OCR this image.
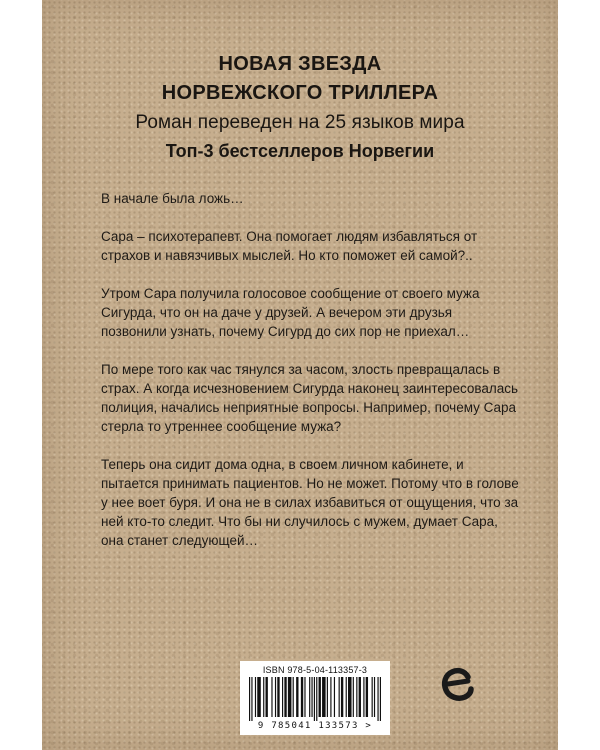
НОВАЯ ЗВЕЗДА
НОРВЕЖСКОГО ТРИЛЛЕРА
Роман переведен на 25 языков мира
Топ-3 бестселлеров Норвегии

В начале была ложь…

Сара – психотерапевт. Она помогает людям избавляться от страхов и навязчивых мыслей. Но кто поможет ей самой?..

Утром Сара получила голосовое сообщение от своего мужа Сигурда, что он на даче у друзей. А вечером эти друзья позвонили узнать, почему Сигурд до сих пор не приехал…

По мере того как час тянулся за часом, злость превращалась в страх. А когда исчезновением Сигурда наконец заинтересовалась полиция, начались неприятные вопросы. Например, почему Сара стерла то утреннее сообщение мужа?

Теперь она сидит дома одна, в своем личном кабинете, и пытается принимать пациентов. Но не может. Потому что в голове у нее воет буря. И она не в силах избавиться от ощущения, что за ней кто-то следит. Что бы ни случилось с мужем, думает Сара, она станет следующей…

ISBN 978-5-04-113357-3
9 785041 133573 >
